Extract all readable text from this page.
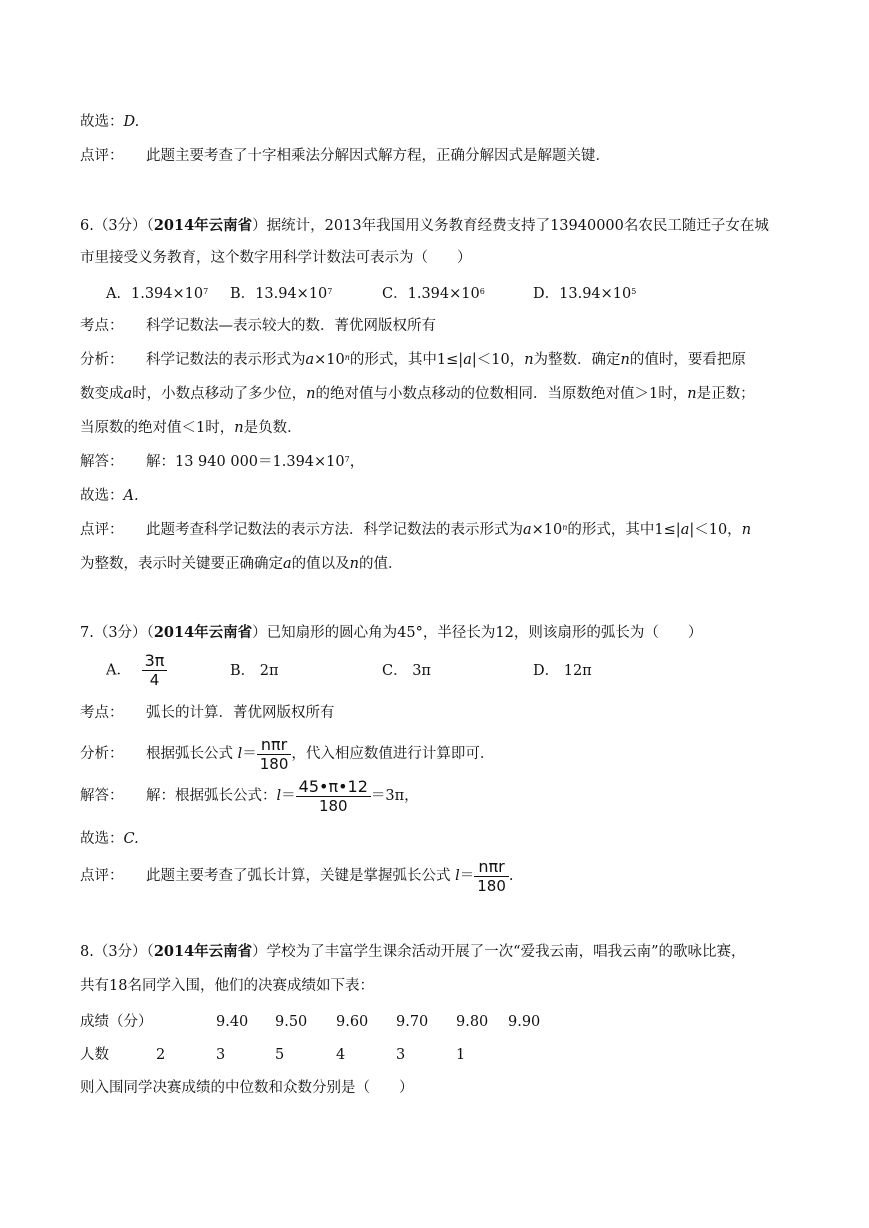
故选：D.
点评： 此题主要考查了十字相乘法分解因式解方程，正确分解因式是解题关键．
6.（3分）（2014年云南省）据统计，2013年我国用义务教育经费支持了13940000名农民工随迁子女在城
市里接受义务教育，这个数字用科学计数法可表示为（　　）
A．$1.394\times 10^7$ B．$13.94\times 10^7$	C．$1.394\times 10^6$	D．$13.94\times 10^5$
考点： 科学记数法—表示较大的数．菁优网版权所有
分析： 科学记数法的表示形式为$a\times 10^n$的形式，其中1≤|a|＜10，n为整数．确定n的值时，要看把原
数变成a时，小数点移动了多少位，n的绝对值与小数点移动的位数相同．当原数绝对值＞1时，n是正数；
当原数的绝对值＜1时，n是负数．
解答： 解：13 940 $000=1.394\times 10^7$，
故选：A.
点评： 此题考查科学记数法的表示方法．科学记数法的表示形式为$a\times 10^n$的形式，其中1≤|a|＜10，n
为整数，表示时关键要正确确定a的值以及n的值．
7.（3分）（2014年云南省）已知扇形的圆心角为45°，半径长为12，则该扇形的弧长为（　　）
A． $\frac{3\pi}{4}$	B． 2π	C． 3π	D． 12π
考点： 弧长的计算．菁优网版权所有
分析： 根据弧长公式 $l= \frac{\text{nπr}}{180}$ ，代入相应数值进行计算即可．
解答： 解：根据弧长公式：$l= \frac{45•\pi•12}{180} =3\pi$，
故选：C.
点评： 此题主要考查了弧长计算，关键是掌握弧长公式 $l= \frac{\text{nπr}}{180}$ .
8.（3分）（2014年云南省）学校为了丰富学生课余活动开展了一次“爱我云南，唱我云南”的歌咏比赛，
共有18名同学入围，他们的决赛成绩如下表：
成绩（分）	9.40 9.50 9.60 9.70 9.80 9.90
人数	2	3	5	4	3	1
则入围同学决赛成绩的中位数和众数分别是（　　）
